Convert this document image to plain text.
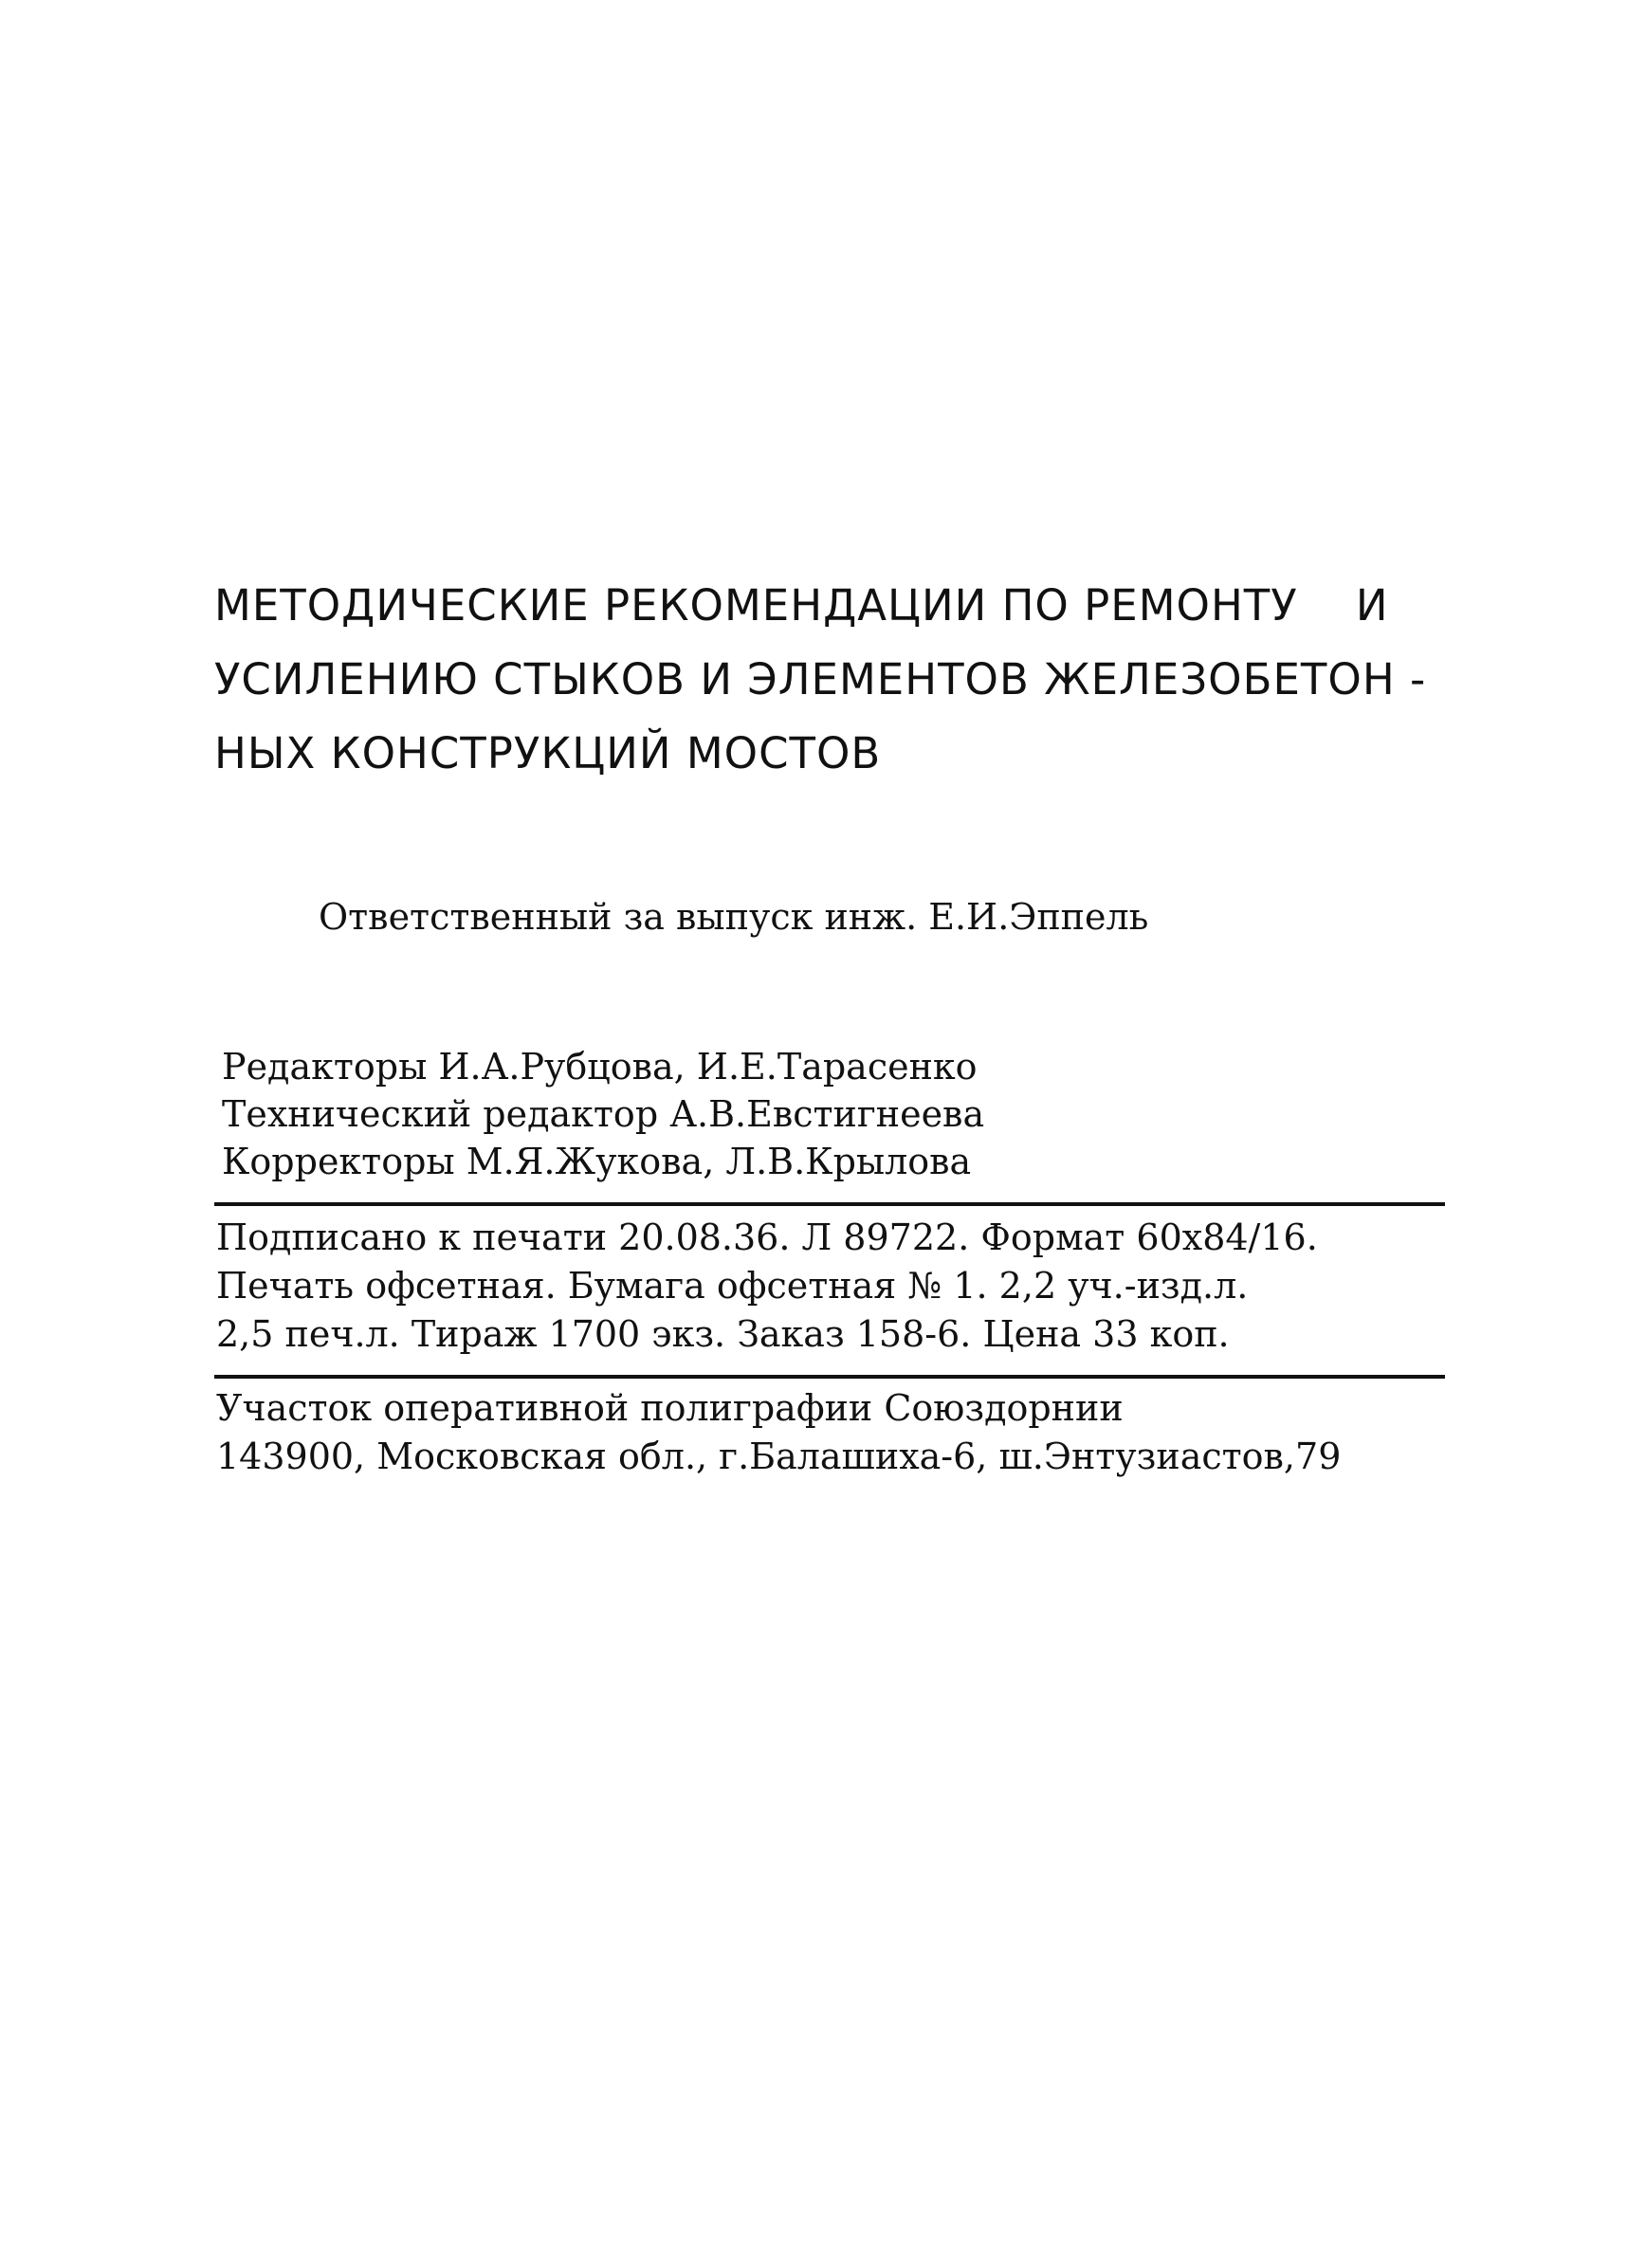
МЕТОДИЧЕСКИЕ РЕКОМЕНДАЦИИ ПО РЕМОНТУ    И
УСИЛЕНИЮ СТЫКОВ И ЭЛЕМЕНТОВ ЖЕЛЕЗОБЕТОН -
НЫХ КОНСТРУКЦИЙ МОСТОВ
Ответственный за выпуск инж. Е.И.Эппель
Редакторы И.А.Рубцова, И.Е.Тарасенко
Технический редактор А.В.Евстигнеева
Корректоры М.Я.Жукова, Л.В.Крылова
Подписано к печати 20.08.36. Л 89722. Формат 60х84/16.
Печать офсетная. Бумага офсетная № 1. 2,2 уч.-изд.л.
2,5 печ.л. Тираж 1700 экз. Заказ 158-6. Цена 33 коп.
Участок оперативной полиграфии Союздорнии
143900, Московская обл., г.Балашиха-6, ш.Энтузиастов,79
